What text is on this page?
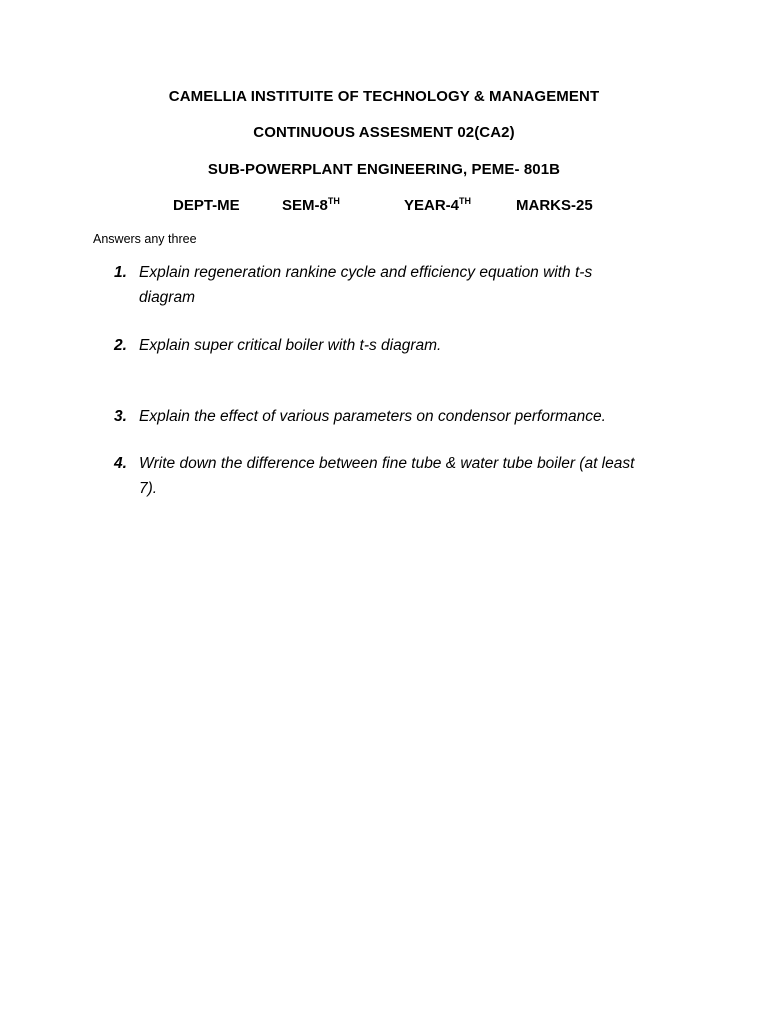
CAMELLIA INSTITUITE OF TECHNOLOGY & MANAGEMENT
CONTINUOUS ASSESMENT 02(CA2)
SUB-POWERPLANT ENGINEERING, PEME- 801B
DEPT-ME	SEM-8TH	YEAR-4TH	MARKS-25
Answers any three
1. Explain regeneration rankine cycle and efficiency equation with t-s diagram
2. Explain super critical boiler with t-s diagram.
3. Explain the effect of various parameters on condensor performance.
4. Write down the difference between fine tube & water tube boiler (at least 7).
